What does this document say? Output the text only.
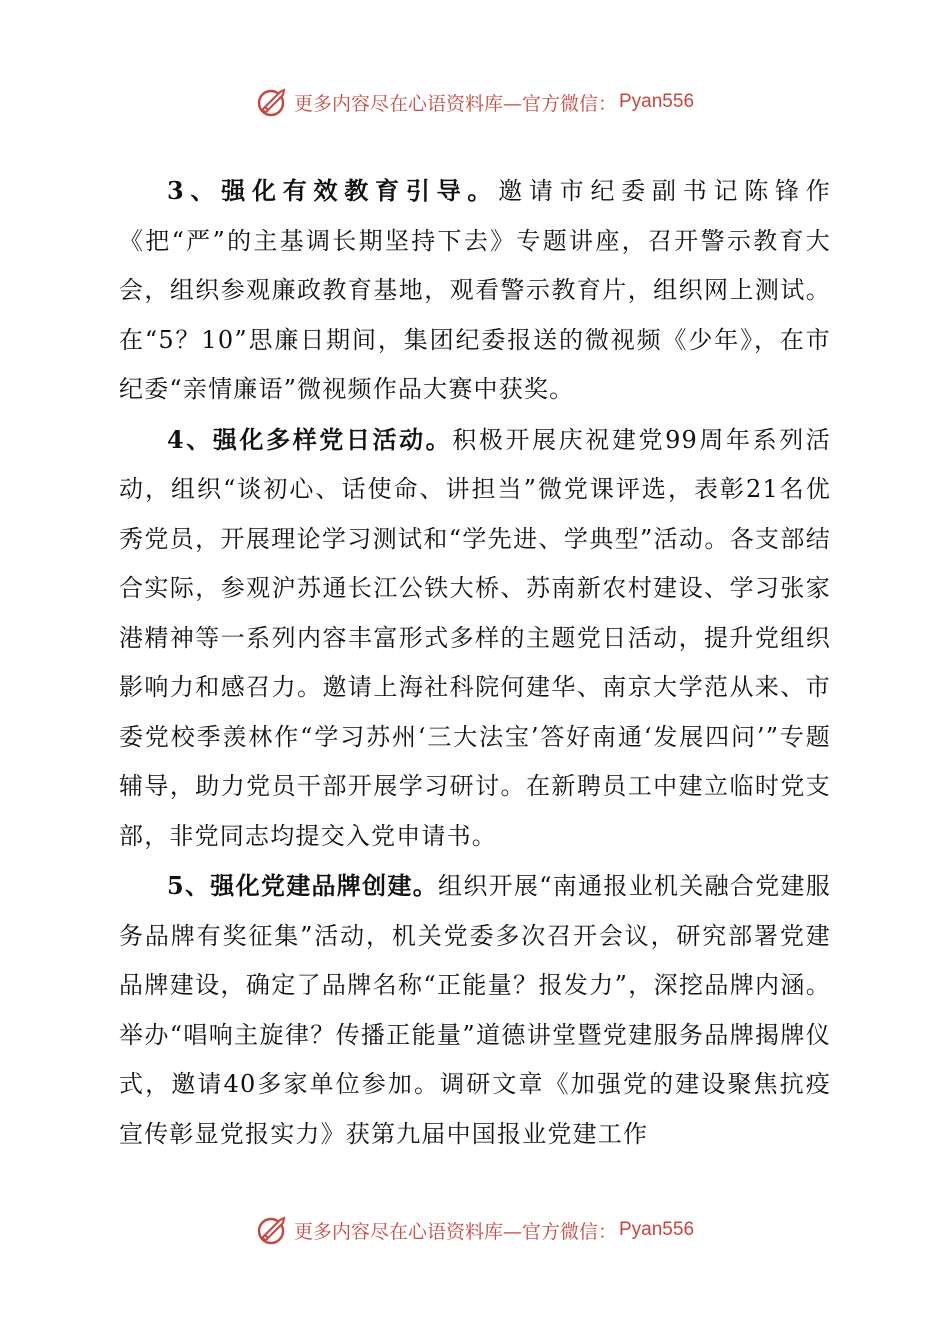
更多内容尽在心语资料库—官方微信： Pyan556

3、强化有效教育引导。邀请市纪委副书记陈锋作《把“严”的主基调长期坚持下去》专题讲座，召开警示教育大会，组织参观廉政教育基地，观看警示教育片，组织网上测试。在“5？10”思廉日期间，集团纪委报送的微视频《少年》，在市纪委“亲情廉语”微视频作品大赛中获奖。

4、强化多样党日活动。积极开展庆祝建党99周年系列活动，组织“谈初心、话使命、讲担当”微党课评选，表彰21名优秀党员，开展理论学习测试和“学先进、学典型”活动。各支部结合实际，参观沪苏通长江公铁大桥、苏南新农村建设、学习张家港精神等一系列内容丰富形式多样的主题党日活动，提升党组织影响力和感召力。邀请上海社科院何建华、南京大学范从来、市委党校季羡林作“学习苏州‘三大法宝’答好南通‘发展四问’”专题辅导，助力党员干部开展学习研讨。在新聘员工中建立临时党支部，非党同志均提交入党申请书。

5、强化党建品牌创建。组织开展“南通报业机关融合党建服务品牌有奖征集”活动，机关党委多次召开会议，研究部署党建品牌建设，确定了品牌名称“正能量？报发力”，深挖品牌内涵。举办“唱响主旋律？传播正能量”道德讲堂暨党建服务品牌揭牌仪式，邀请40多家单位参加。调研文章《加强党的建设聚焦抗疫宣传彰显党报实力》获第九届中国报业党建工作

更多内容尽在心语资料库—官方微信： Pyan556
